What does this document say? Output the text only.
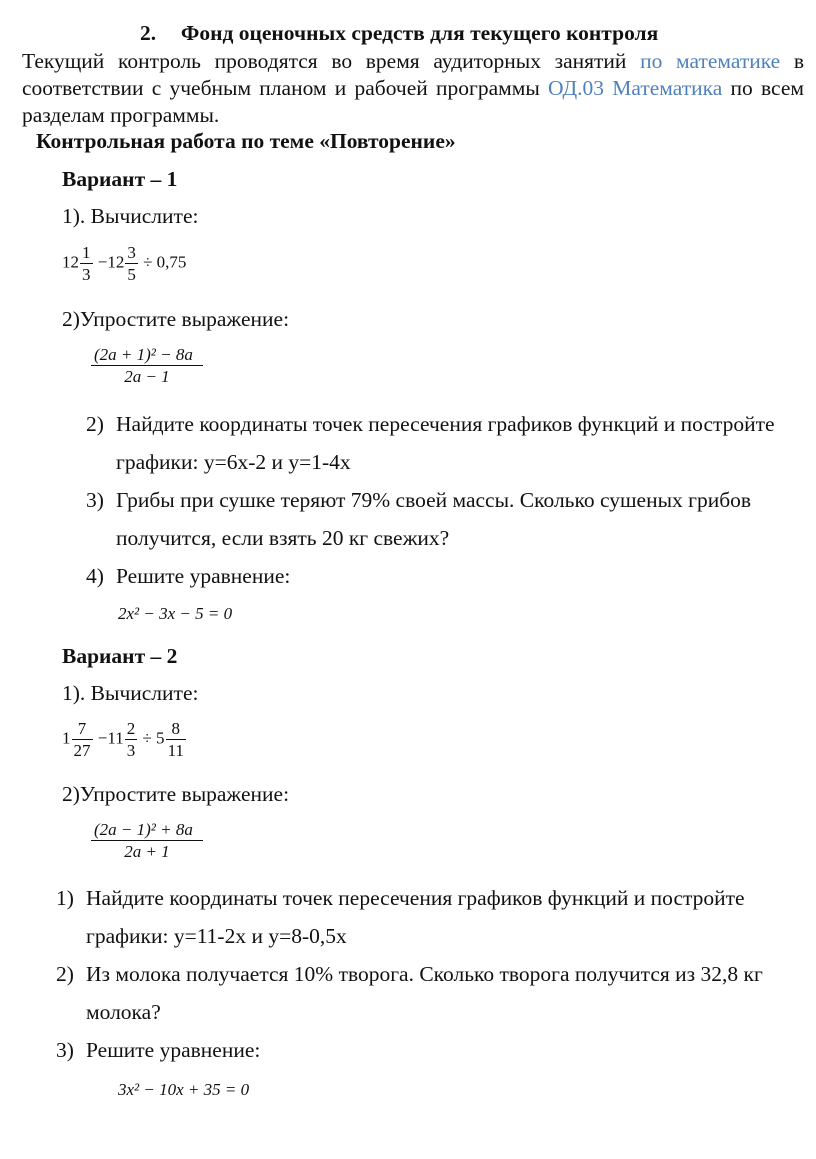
2. Фонд оценочных средств для текущего контроля
Текущий контроль проводятся во время аудиторных занятий по математике в
соответствии с учебным планом и рабочей программы ОД.03 Математика по всем
разделам программы.
Контрольная работа по теме «Повторение»
Вариант – 1
1). Вычислите:
$12 \frac{1}{3} -12 \frac{3}{5} \div 0,75$
2)Упростите выражение:
$\frac{\text{(2a + 1)² − 8a}}{2a - 1}$
2) Найдите координаты точек пересечения графиков функций и постройте
графики: y=6x-2 и y=1-4x
3) Грибы при сушке теряют 79% своей массы. Сколько сушеных грибов
получится, если взять 20 кг свежих?
4) Решите уравнение:
2x² − 3x − 5 = 0
Вариант – 2
1). Вычислите:
$1 \frac{7}{27} -11 \frac{2}{3} \div 5 \frac{8}{11}$
2)Упростите выражение:
$\frac{\text{(2a − 1)² + 8a}}{2a + 1}$
1) Найдите координаты точек пересечения графиков функций и постройте
графики: y=11-2x и y=8-0,5x
2) Из молока получается 10% творога. Сколько творога получится из 32,8 кг
молока?
3) Решите уравнение:
3x² − 10x + 35 = 0
